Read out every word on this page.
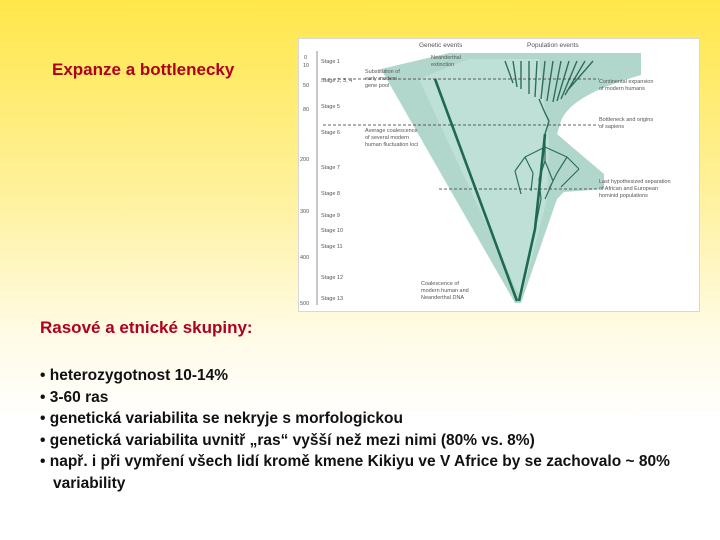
Expanze a bottlenecky
Genetic events	Population events
0
10
50
80
200
300
400
500
Stage 1
Stage 2, 3, 4
Stage 5
Stage 6
Stage 7
Stage 8
Stage 9
Stage 10
Stage 11
Stage 12
Stage 13
Neanderthal
extinction
Substitution of
early modern
gene pool
Average coalescence
of several modern
human fluctuation loci
Coalescence of
modern human and
Neanderthal DNA
Continental expansion
of modern humans
Bottleneck and origins
of sapiens
Last hypothesized separation
of African and European
hominid populations
Rasové a etnické skupiny:
• heterozygotnost 10-14%
• 3-60 ras
• genetická variabilita se nekryje s morfologickou
• genetická variabilita uvnitř „ras“ vyšší než mezi nimi (80% vs. 8%)
• např. i při vymření všech lidí kromě kmene Kikiyu ve V Africe by se zachovalo ~ 80% variability
